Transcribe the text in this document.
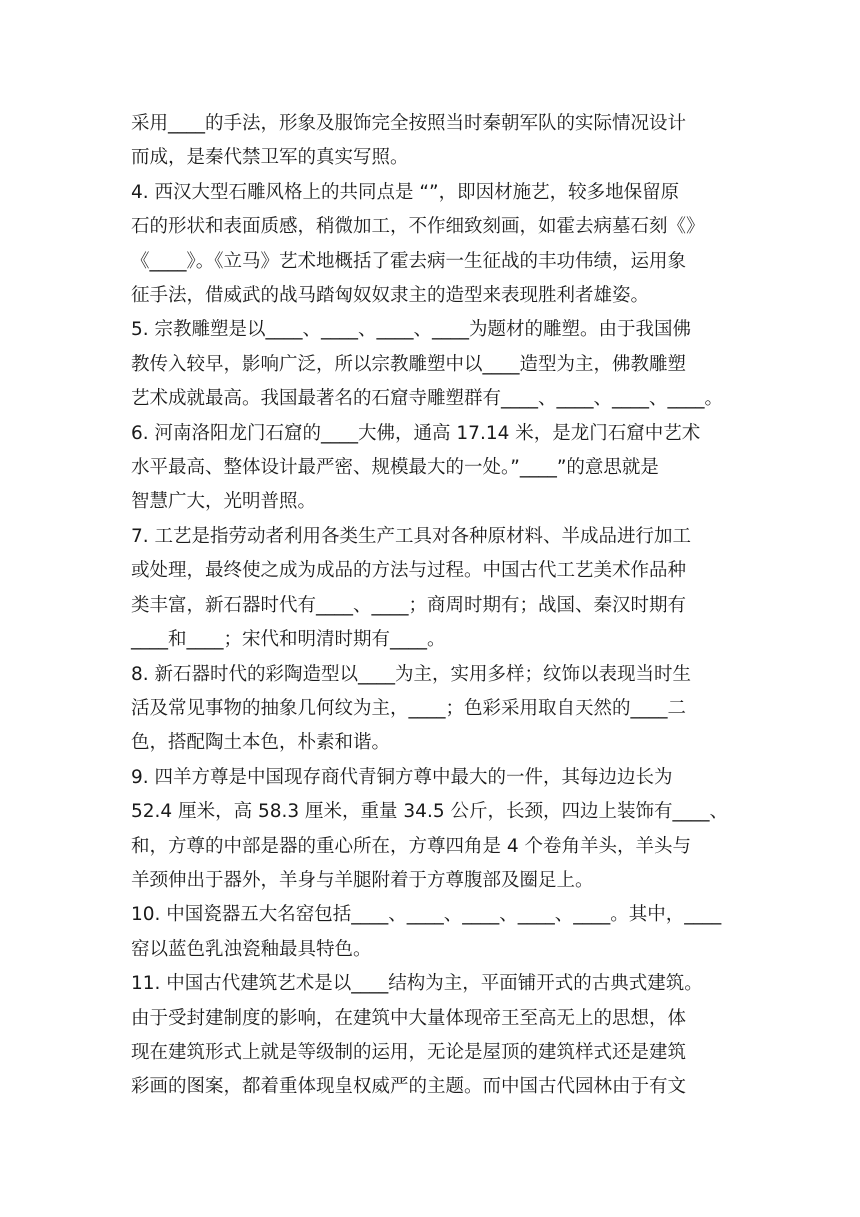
采用____的手法，形象及服饰完全按照当时秦朝军队的实际情况设计
而成，是秦代禁卫军的真实写照。

4. 西汉大型石雕风格上的共同点是 “”，即因材施艺，较多地保留原
石的形状和表面质感，稍微加工，不作细致刻画，如霍去病墓石刻《》
《____》。《立马》艺术地概括了霍去病一生征战的丰功伟绩，运用象
征手法，借威武的战马踏匈奴奴隶主的造型来表现胜利者雄姿。

5. 宗教雕塑是以____、____、____、____为题材的雕塑。由于我国佛
教传入较早，影响广泛，所以宗教雕塑中以____造型为主，佛教雕塑
艺术成就最高。我国最著名的石窟寺雕塑群有____、____、____、____。

6. 河南洛阳龙门石窟的____大佛，通高 17.14 米，是龙门石窟中艺术
水平最高、整体设计最严密、规模最大的一处。”____”的意思就是
智慧广大，光明普照。

7. 工艺是指劳动者利用各类生产工具对各种原材料、半成品进行加工
或处理，最终使之成为成品的方法与过程。中国古代工艺美术作品种
类丰富，新石器时代有____、____；商周时期有；战国、秦汉时期有
____和____；宋代和明清时期有____。

8. 新石器时代的彩陶造型以____为主，实用多样；纹饰以表现当时生
活及常见事物的抽象几何纹为主，____；色彩采用取自天然的____二
色，搭配陶土本色，朴素和谐。

9. 四羊方尊是中国现存商代青铜方尊中最大的一件，其每边边长为
52.4 厘米，高 58.3 厘米，重量 34.5 公斤，长颈，四边上装饰有____、
和，方尊的中部是器的重心所在，方尊四角是 4 个卷角羊头，羊头与
羊颈伸出于器外，羊身与羊腿附着于方尊腹部及圈足上。

10. 中国瓷器五大名窑包括____、____、____、____、____。其中，____
窑以蓝色乳浊瓷釉最具特色。

11. 中国古代建筑艺术是以____结构为主，平面铺开式的古典式建筑。
由于受封建制度的影响，在建筑中大量体现帝王至高无上的思想，体
现在建筑形式上就是等级制的运用，无论是屋顶的建筑样式还是建筑
彩画的图案，都着重体现皇权威严的主题。而中国古代园林由于有文
